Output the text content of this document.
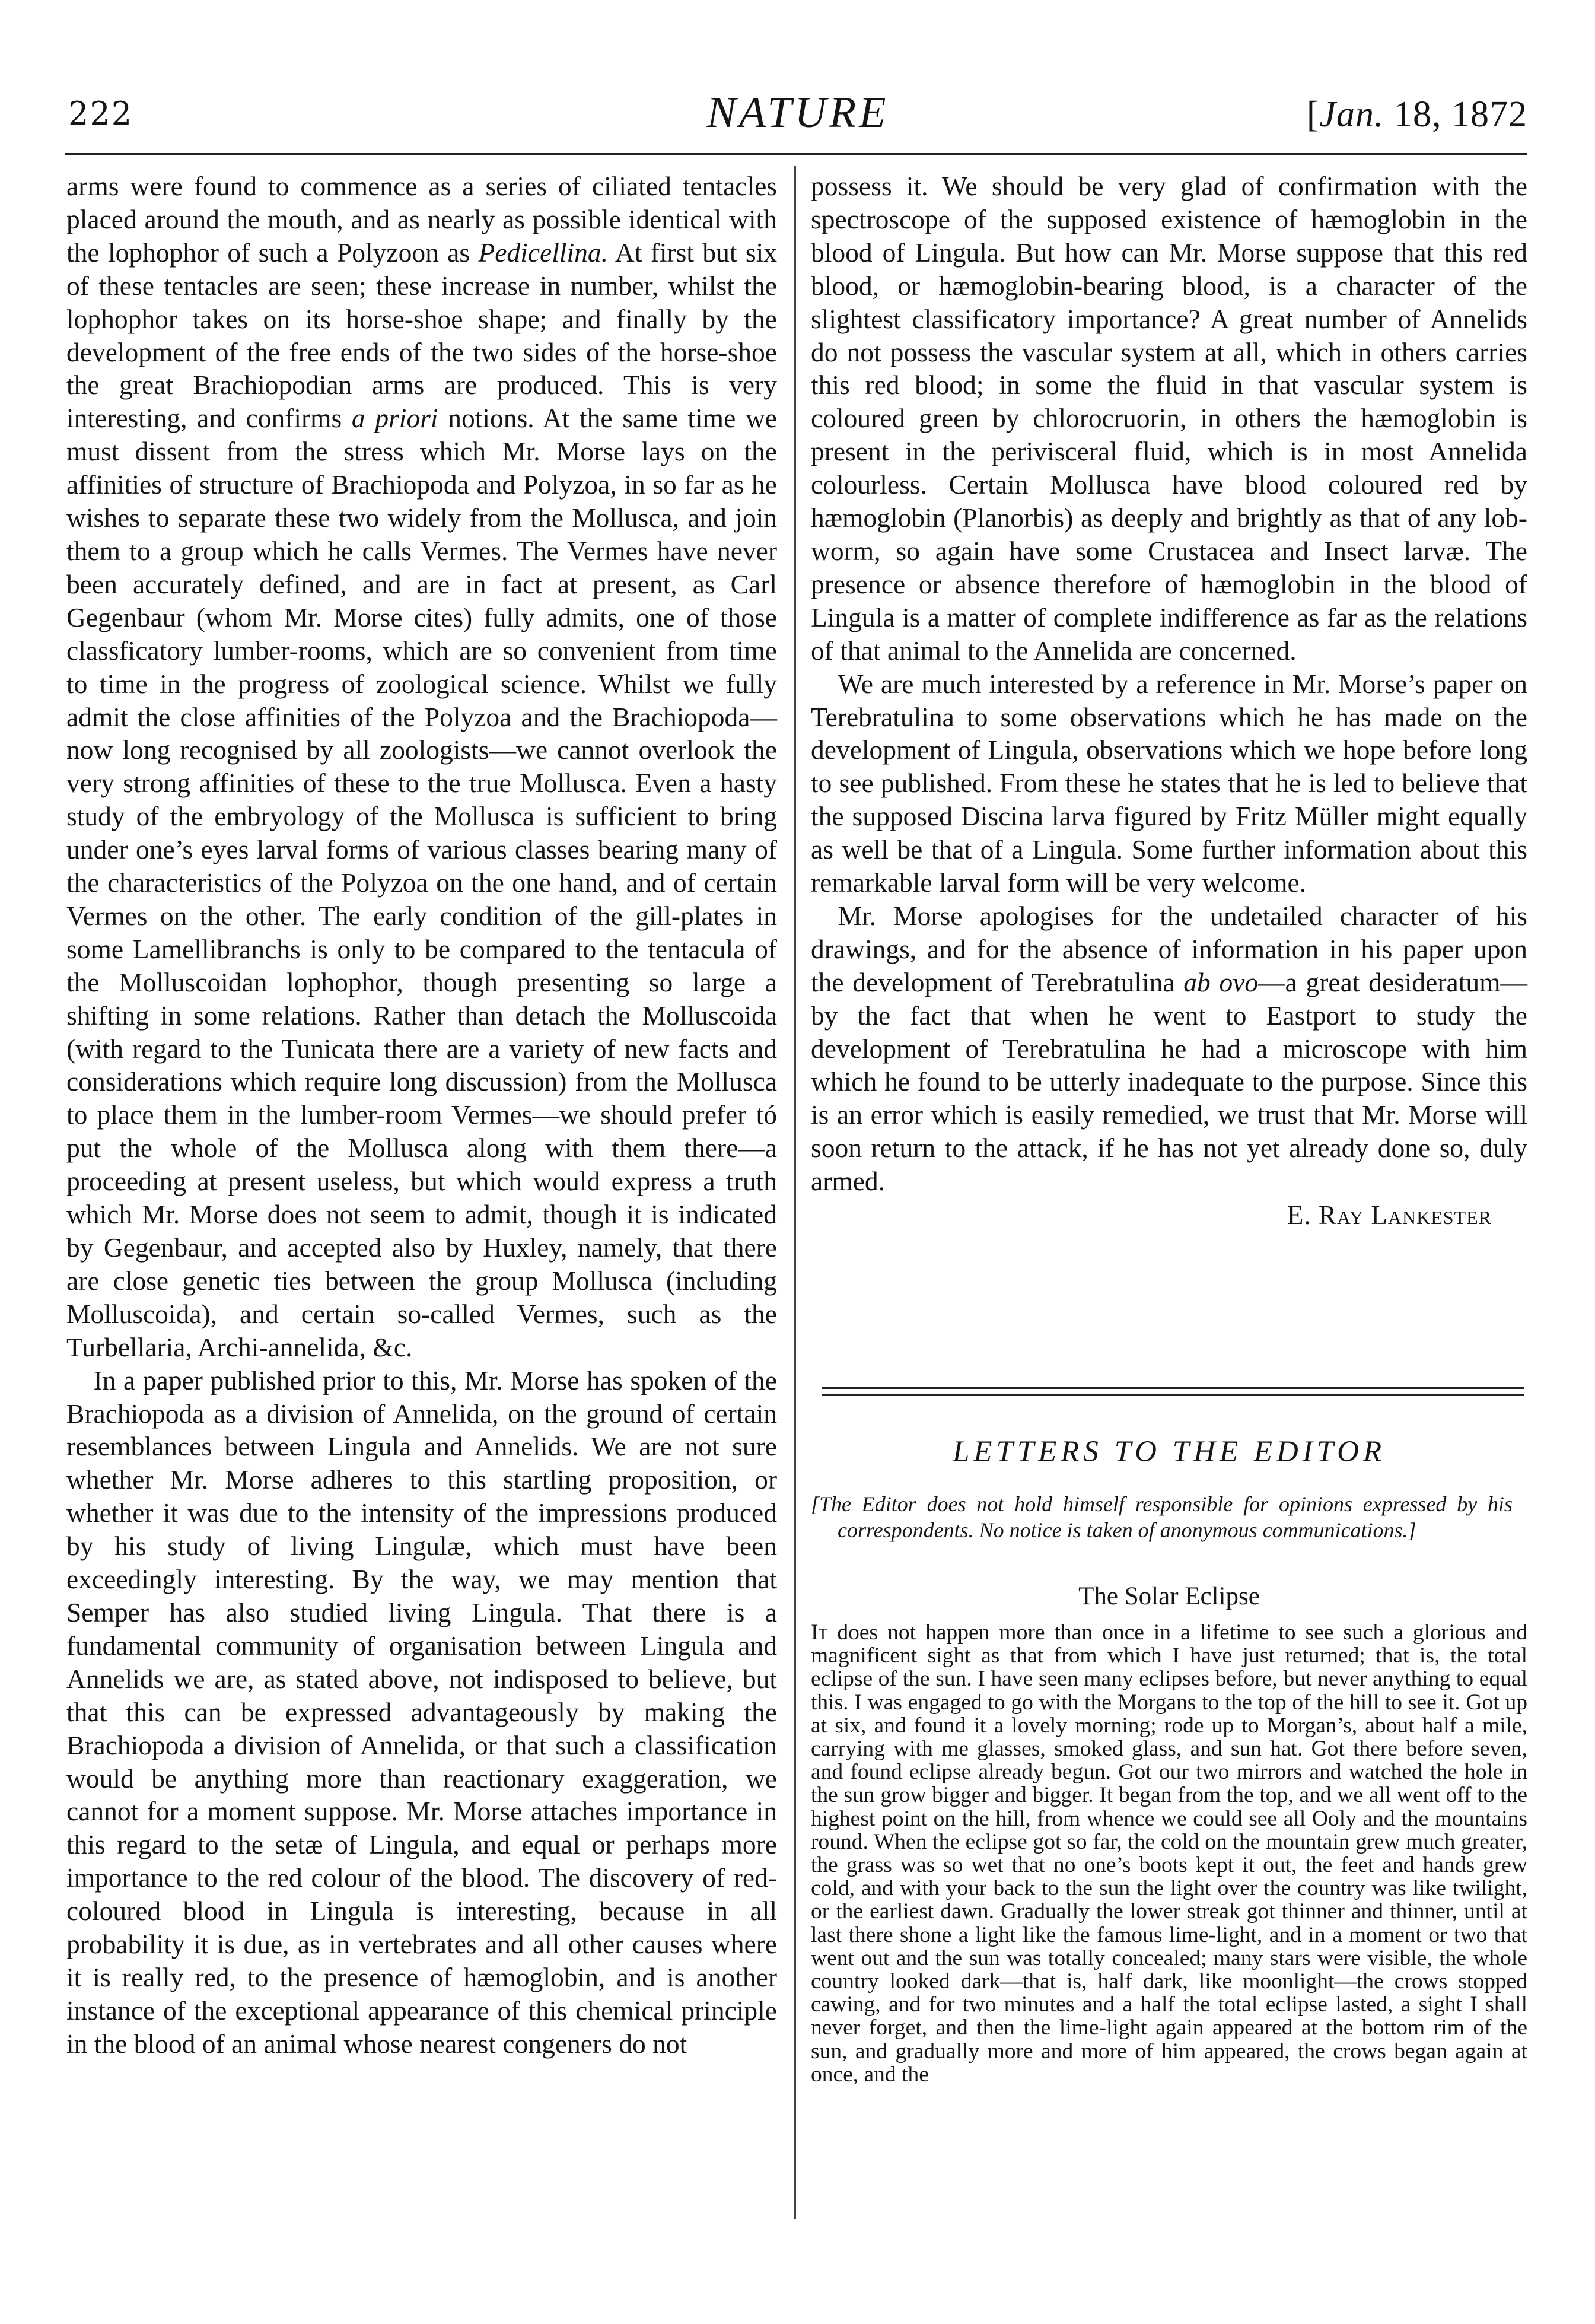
222	NATURE	[Jan. 18, 1872

arms were found to commence as a series of ciliated tentacles placed around the mouth, and as nearly as possible identical with the lophophor of such a Polyzoon as Pedicellina. At first but six of these tentacles are seen; these increase in number, whilst the lophophor takes on its horse-shoe shape; and finally by the development of the free ends of the two sides of the horse-shoe the great Brachiopodian arms are produced. This is very interesting, and confirms a priori notions. At the same time we must dissent from the stress which Mr. Morse lays on the affinities of structure of Brachiopoda and Polyzoa, in so far as he wishes to separate these two widely from the Mollusca, and join them to a group which he calls Vermes. The Vermes have never been accurately defined, and are in fact at present, as Carl Gegenbaur (whom Mr. Morse cites) fully admits, one of those classficatory lumber-rooms, which are so convenient from time to time in the progress of zoological science. Whilst we fully admit the close affinities of the Polyzoa and the Brachiopoda—now long recognised by all zoologists—we cannot overlook the very strong affinities of these to the true Mollusca. Even a hasty study of the embryology of the Mollusca is sufficient to bring under one’s eyes larval forms of various classes bearing many of the characteristics of the Polyzoa on the one hand, and of certain Vermes on the other. The early condition of the gill-plates in some Lamellibranchs is only to be compared to the tentacula of the Molluscoidan lophophor, though presenting so large a shifting in some relations. Rather than detach the Molluscoida (with regard to the Tunicata there are a variety of new facts and considerations which require long discussion) from the Mollusca to place them in the lumber-room Vermes—we should prefer tó put the whole of the Mollusca along with them there—a proceeding at present useless, but which would express a truth which Mr. Morse does not seem to admit, though it is indicated by Gegenbaur, and accepted also by Huxley, namely, that there are close genetic ties between the group Mollusca (including Molluscoida), and certain so-called Vermes, such as the Turbellaria, Archi-annelida, &c.

In a paper published prior to this, Mr. Morse has spoken of the Brachiopoda as a division of Annelida, on the ground of certain resemblances between Lingula and Annelids. We are not sure whether Mr. Morse adheres to this startling proposition, or whether it was due to the intensity of the impressions produced by his study of living Lingulæ, which must have been exceedingly interesting. By the way, we may mention that Semper has also studied living Lingula. That there is a fundamental community of organisation between Lingula and Annelids we are, as stated above, not indisposed to believe, but that this can be expressed advantageously by making the Brachiopoda a division of Annelida, or that such a classification would be anything more than reactionary exaggeration, we cannot for a moment suppose. Mr. Morse attaches importance in this regard to the setæ of Lingula, and equal or perhaps more importance to the red colour of the blood. The discovery of red-coloured blood in Lingula is interesting, because in all probability it is due, as in vertebrates and all other causes where it is really red, to the presence of hæmoglobin, and is another instance of the exceptional appearance of this chemical principle in the blood of an animal whose nearest congeners do not

possess it. We should be very glad of confirmation with the spectroscope of the supposed existence of hæmoglobin in the blood of Lingula. But how can Mr. Morse suppose that this red blood, or hæmoglobin-bearing blood, is a character of the slightest classificatory importance? A great number of Annelids do not possess the vascular system at all, which in others carries this red blood; in some the fluid in that vascular system is coloured green by chlorocruorin, in others the hæmoglobin is present in the perivisceral fluid, which is in most Annelida colourless. Certain Mollusca have blood coloured red by hæmoglobin (Planorbis) as deeply and brightly as that of any lob-worm, so again have some Crustacea and Insect larvæ. The presence or absence therefore of hæmoglobin in the blood of Lingula is a matter of complete indifference as far as the relations of that animal to the Annelida are concerned.

We are much interested by a reference in Mr. Morse’s paper on Terebratulina to some observations which he has made on the development of Lingula, observations which we hope before long to see published. From these he states that he is led to believe that the supposed Discina larva figured by Fritz Müller might equally as well be that of a Lingula. Some further information about this remarkable larval form will be very welcome.

Mr. Morse apologises for the undetailed character of his drawings, and for the absence of information in his paper upon the development of Terebratulina ab ovo—a great desideratum—by the fact that when he went to Eastport to study the development of Terebratulina he had a microscope with him which he found to be utterly inadequate to the purpose. Since this is an error which is easily remedied, we trust that Mr. Morse will soon return to the attack, if he has not yet already done so, duly armed.

E. Ray Lankester
LETTERS TO THE EDITOR
[The Editor does not hold himself responsible for opinions expressed by his correspondents. No notice is taken of anonymous communications.]
The Solar Eclipse

It does not happen more than once in a lifetime to see such a glorious and magnificent sight as that from which I have just returned; that is, the total eclipse of the sun. I have seen many eclipses before, but never anything to equal this. I was engaged to go with the Morgans to the top of the hill to see it. Got up at six, and found it a lovely morning; rode up to Morgan’s, about half a mile, carrying with me glasses, smoked glass, and sun hat. Got there before seven, and found eclipse already begun. Got our two mirrors and watched the hole in the sun grow bigger and bigger. It began from the top, and we all went off to the highest point on the hill, from whence we could see all Ooly and the mountains round. When the eclipse got so far, the cold on the mountain grew much greater, the grass was so wet that no one’s boots kept it out, the feet and hands grew cold, and with your back to the sun the light over the country was like twilight, or the earliest dawn. Gradually the lower streak got thinner and thinner, until at last there shone a light like the famous lime-light, and in a moment or two that went out and the sun was totally concealed; many stars were visible, the whole country looked dark—that is, half dark, like moonlight—the crows stopped cawing, and for two minutes and a half the total eclipse lasted, a sight I shall never forget, and then the lime-light again appeared at the bottom rim of the sun, and gradually more and more of him appeared, the crows began again at once, and the
